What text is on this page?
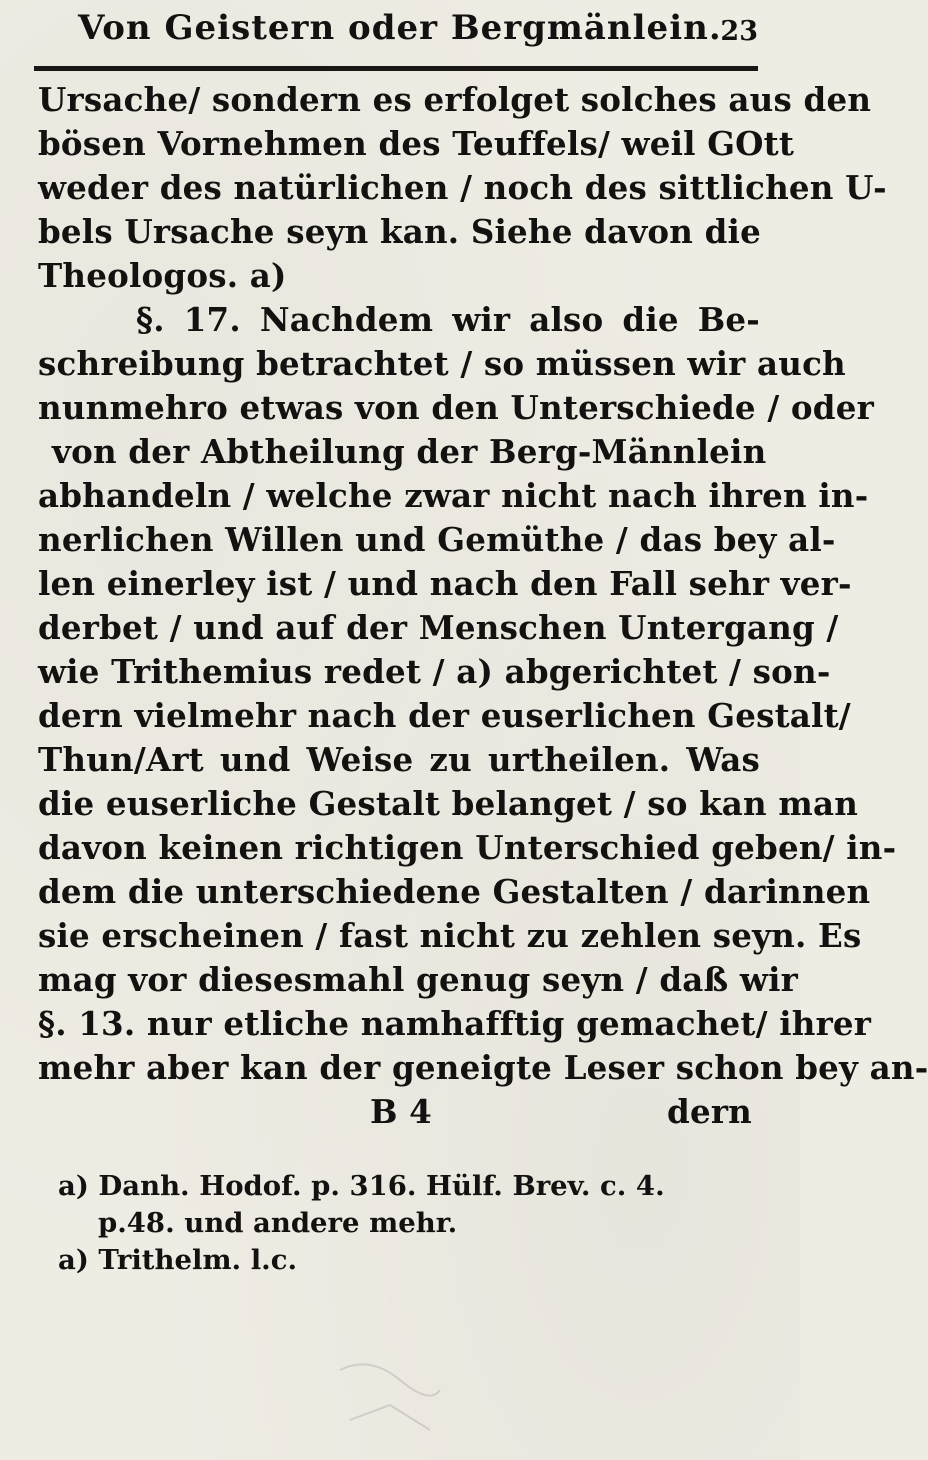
Von Geistern oder Bergmänlein.
23
Ursache/ sondern es erfolget solches aus den
bösen Vornehmen des Teuffels/ weil GOtt
weder des natürlichen / noch des sittlichen U-
bels Ursache seyn kan. Siehe davon die
Theologos. a)
§. 17. Nachdem wir also die Be-
schreibung betrachtet / so müssen wir auch
nunmehro etwas von den Unterschiede / oder
von der Abtheilung der Berg-Männlein
abhandeln / welche zwar nicht nach ihren in-
nerlichen Willen und Gemüthe / das bey al-
len einerley ist / und nach den Fall sehr ver-
derbet / und auf der Menschen Untergang /
wie Trithemius redet / a) abgerichtet / son-
dern vielmehr nach der euserlichen Gestalt/
Thun/Art und Weise zu urtheilen. Was
die euserliche Gestalt belanget / so kan man
davon keinen richtigen Unterschied geben/ in-
dem die unterschiedene Gestalten / darinnen
sie erscheinen / fast nicht zu zehlen seyn. Es
mag vor diesesmahl genug seyn / daß wir
§. 13. nur etliche namhafftig gemachet/ ihrer
mehr aber kan der geneigte Leser schon bey an-
B 4	dern
a) Danh. Hodof. p. 316. Hülf. Brev. c. 4.
p.48. und andere mehr.
a) Trithelm. l.c.
